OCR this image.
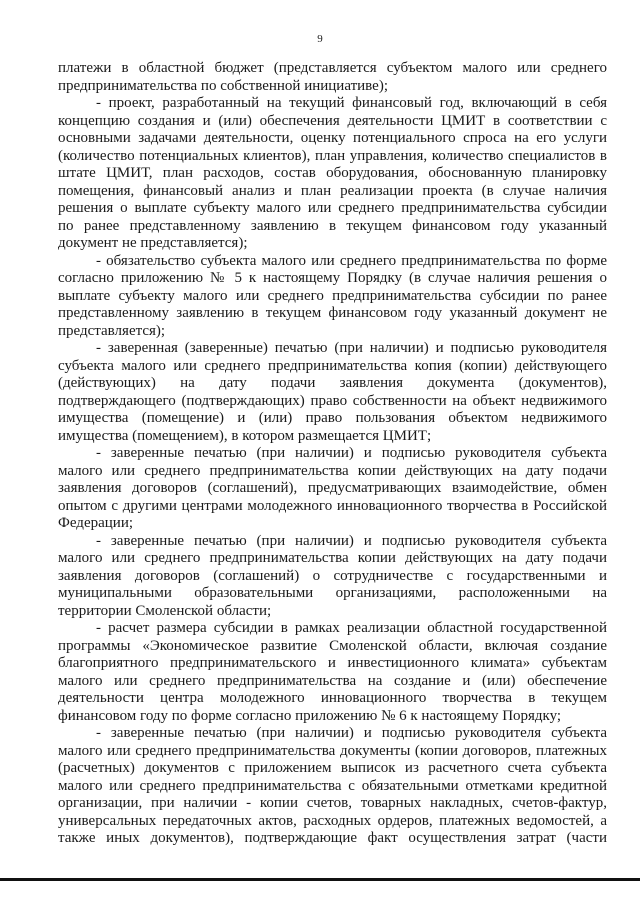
9
платежи в областной бюджет (представляется субъектом малого или среднего
предпринимательства по собственной инициативе);
- проект, разработанный на текущий финансовый год, включающий в себя
концепцию создания и (или) обеспечения деятельности ЦМИТ в соответствии с
основными задачами деятельности, оценку потенциального спроса на его услуги
(количество потенциальных клиентов), план управления, количество специалистов в
штате ЦМИТ, план расходов, состав оборудования, обоснованную планировку
помещения, финансовый анализ и план реализации проекта (в случае наличия
решения о выплате субъекту малого или среднего предпринимательства субсидии
по ранее представленному заявлению в текущем финансовом году указанный
документ не представляется);
- обязательство субъекта малого или среднего предпринимательства по форме
согласно приложению № 5 к настоящему Порядку (в случае наличия решения о
выплате субъекту малого или среднего предпринимательства субсидии по ранее
представленному заявлению в текущем финансовом году указанный документ не
представляется);
- заверенная (заверенные) печатью (при наличии) и подписью руководителя
субъекта малого или среднего предпринимательства копия (копии) действующего
(действующих) на дату подачи заявления документа (документов),
подтверждающего (подтверждающих) право собственности на объект недвижимого
имущества (помещение) и (или) право пользования объектом недвижимого
имущества (помещением), в котором размещается ЦМИТ;
- заверенные печатью (при наличии) и подписью руководителя субъекта
малого или среднего предпринимательства копии действующих на дату подачи
заявления договоров (соглашений), предусматривающих взаимодействие, обмен
опытом с другими центрами молодежного инновационного творчества в Российской
Федерации;
- заверенные печатью (при наличии) и подписью руководителя субъекта
малого или среднего предпринимательства копии действующих на дату подачи
заявления договоров (соглашений) о сотрудничестве с государственными и
муниципальными образовательными организациями, расположенными на
территории Смоленской области;
- расчет размера субсидии в рамках реализации областной государственной
программы «Экономическое развитие Смоленской области, включая создание
благоприятного предпринимательского и инвестиционного климата» субъектам
малого или среднего предпринимательства на создание и (или) обеспечение
деятельности центра молодежного инновационного творчества в текущем
финансовом году по форме согласно приложению № 6 к настоящему Порядку;
- заверенные печатью (при наличии) и подписью руководителя субъекта
малого или среднего предпринимательства документы (копии договоров, платежных
(расчетных) документов с приложением выписок из расчетного счета субъекта
малого или среднего предпринимательства с обязательными отметками кредитной
организации, при наличии - копии счетов, товарных накладных, счетов-фактур,
универсальных передаточных актов, расходных ордеров, платежных ведомостей, а
также иных документов), подтверждающие факт осуществления затрат (части
